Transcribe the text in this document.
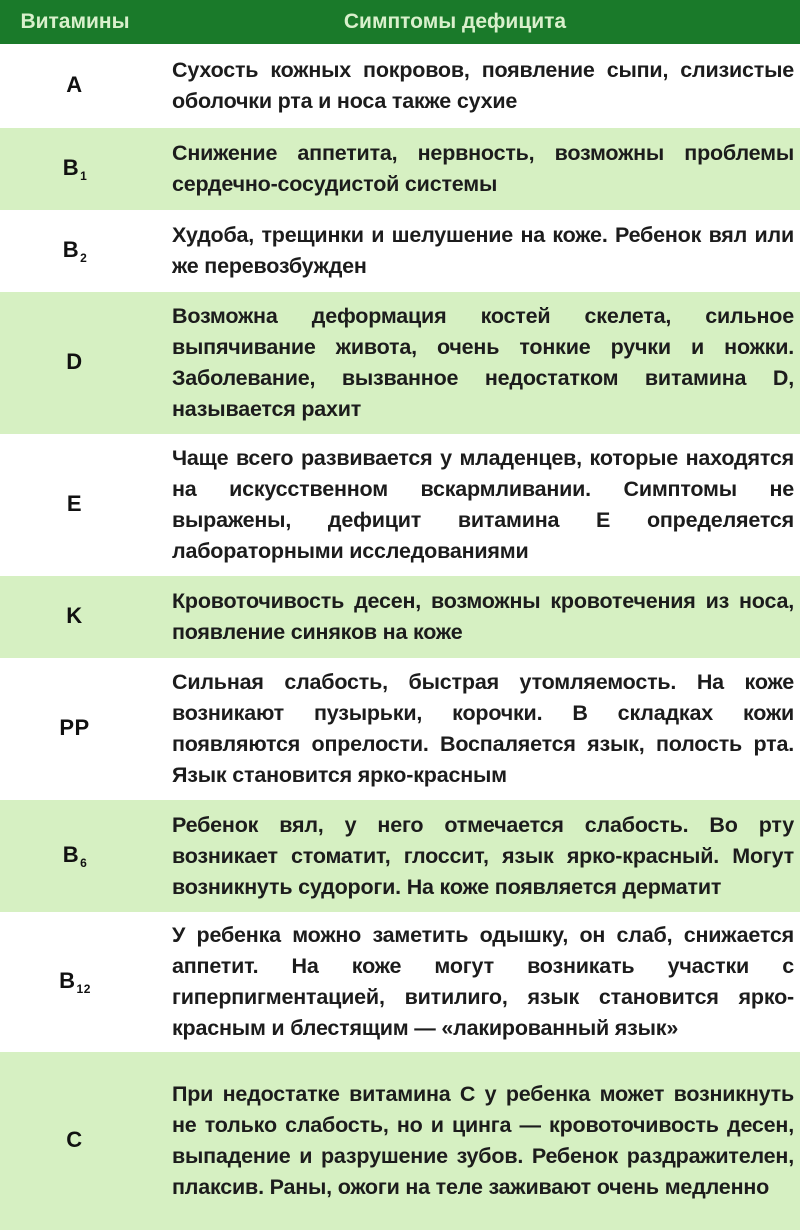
Витамины	Симптомы дефицита
A
Сухость кожных покровов, появление сыпи, слизистые оболочки рта и носа также сухие
$B_1$
Снижение аппетита, нервность, возможны проблемы сердечно-сосудистой системы
$B_2$
Худоба, трещинки и шелушение на коже. Ребенок вял или же перевозбужден
D
Возможна деформация костей скелета, сильное выпячивание живота, очень тонкие ручки и ножки. Заболевание, вызванное недостатком витамина D, называется рахит
E
Чаще всего развивается у младенцев, которые находятся на искусственном вскармливании. Симптомы не выражены, дефицит витамина E определяется лабораторными исследованиями
K
Кровоточивость десен, возможны кровотечения из носа, появление синяков на коже
PP
Сильная слабость, быстрая утомляемость. На коже возникают пузырьки, корочки. В складках кожи появляются опрелости. Воспаляется язык, полость рта. Язык становится ярко-красным
$B_6$
Ребенок вял, у него отмечается слабость. Во рту возникает стоматит, глоссит, язык ярко-красный. Могут возникнуть судороги. На коже появляется дерматит
$B_{12}$
У ребенка можно заметить одышку, он слаб, снижается аппетит. На коже могут возникать участки с гиперпигментацией, витилиго, язык становится ярко-красным и блестящим — «лакированный язык»
C
При недостатке витамина C у ребенка может возникнуть не только слабость, но и цинга — кровоточивость десен, выпадение и разрушение зубов. Ребенок раздражителен, плаксив. Раны, ожоги на теле заживают очень медленно
